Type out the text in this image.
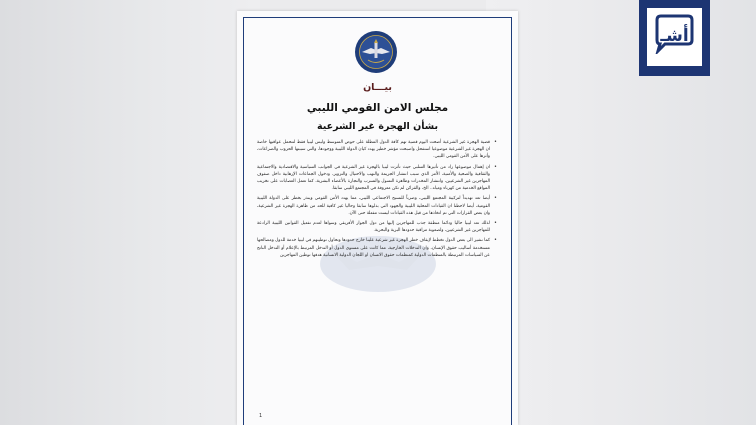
بيـــان
مجلس الامن القومي الليبي
بشأن الهجرة غير الشرعية

• قضية الهجرة غير الشرعية أضحت اليوم قضية تهم كافة الدول المطلة على حوض المتوسط وليس ليبيا فقط لتتحمل عواقبها خاصة ان الهجرة غير الشرعية موضوعيا استفحل واصبحت مؤشر خطير يهدد كيان الدولة الليبية ووجودها، والتي سببتها الحروب والصراعات، وأثرها على الأمن القومي الليبي.

• ان إهمال موضوعها زاد من تأثيرها السلبي حيث تأثرت ليبيا بالهجرة غير الشرعية في الجوانب السياسية والاقتصادية والاجتماعية والثقافية والصحية والأمنية، الأمر الذي سبب انتشار الجريمة والنهب والاحتيال والتزوير، ودخول الجماعات الإرهابية داخل صفوف المهاجرين غير الشرعيين، وانتشار المخدرات وظاهرة التسول والتسرب والتجارة بالأعضاء البشرية، كما تعمل العصابات على تخريب المواقع الخدمية من كهرباء ومياه.. الخ، والقرائن لم تكن معروفة في المجتمع الليبي سابقا.

• أيضا تعد تهديداً لتركيبة المجتمع الليبي، وضرباً للنسيج الاجتماعي الليبي، مما يهدد الأمن القومي وينذر بخطر على الدولة الليبية القومية، أيضا لاحظنا ان القيادات المحلية الليبية والجهود التي بذلوها سابقا وحاليا غير كافية للحد من ظاهرة الهجرة غير الشرعية، وان بعض القرارات التي تم اتخاذها من قبل هذه القيادات ليست مفعلة حتى الآن.

• لذلك تعد ليبيا حاليا ودائما منطقة جذب للمهاجرين إليها من دول الجوار الأفريقي وسواها لعدم تفعيل القوانين الليبية الرادعة للمهاجرين غير الشرعيين، ولصعوبة مراقبة حدودها البرية والبحرية.

• كما نشير الى بعض الدول تخطط لإيقاف خطر الهجرة غير شرعية علينا خارج حدودها وتحاول توطينهم في ليبيا خدمة للدول ومصالحها مستخدمة أساليب حقوق الإنسان، وان التدخلات الخارجية، مما كانت على مستوى الدول أو التدخل المرتبط بالإعلام أو التدخل الناتج عن السياسات المرتبطة بالمنظمات الدولية كمنظمات حقوق الانسان او اللجان الدولية الانسانية هدفها توطين المهاجرين

1
أشـ
